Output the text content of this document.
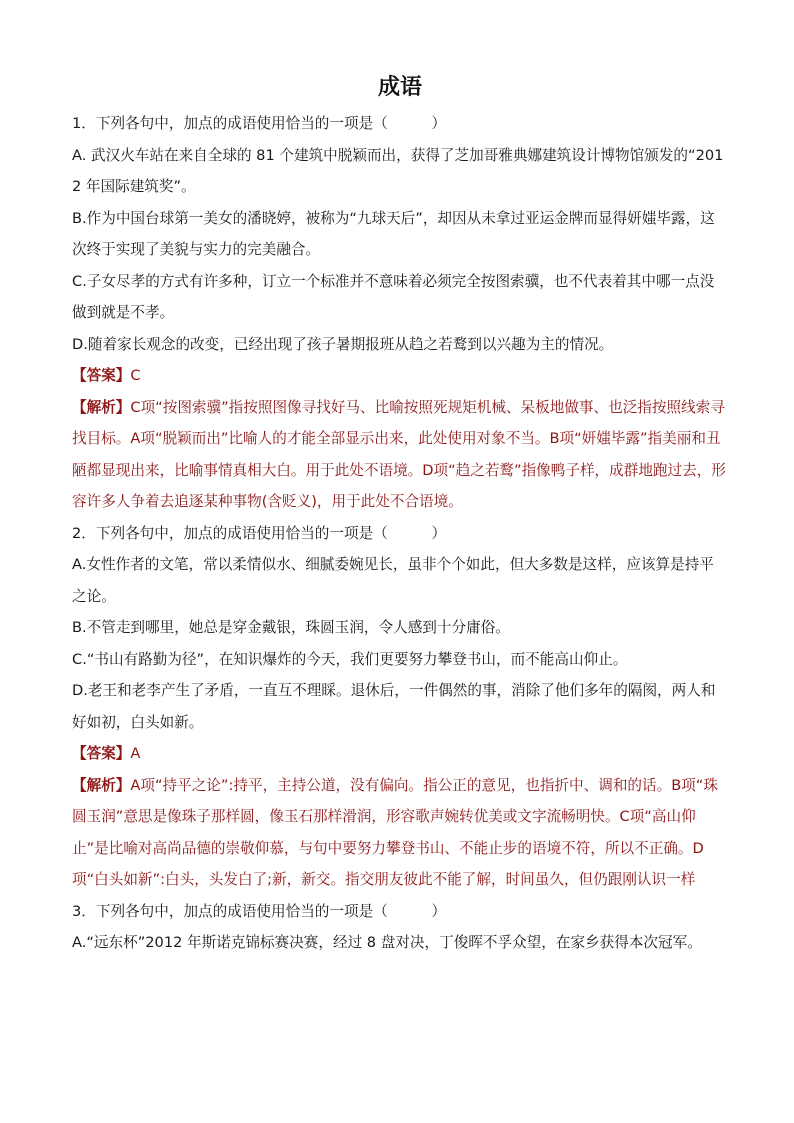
成语

1．下列各句中，加点的成语使用恰当的一项是（　　　）

A. 武汉火车站在来自全球的 81 个建筑中脱颖而出，获得了芝加哥雅典娜建筑设计博物馆颁发的“2012 年国际建筑奖”。

B.作为中国台球第一美女的潘晓婷，被称为“九球天后”，却因从未拿过亚运金牌而显得妍媸毕露，这次终于实现了美貌与实力的完美融合。

C.子女尽孝的方式有许多种，订立一个标准并不意味着必须完全按图索骥，也不代表着其中哪一点没做到就是不孝。

D.随着家长观念的改变，已经出现了孩子暑期报班从趋之若鹜到以兴趣为主的情况。

【答案】C

【解析】C项“按图索骥”指按照图像寻找好马、比喻按照死规矩机械、呆板地做事、也泛指按照线索寻找目标。A项“脱颖而出”比喻人的才能全部显示出来，此处使用对象不当。B项“妍媸毕露”指美丽和丑陋都显现出来，比喻事情真相大白。用于此处不语境。D项“趋之若鹜”指像鸭子样，成群地跑过去，形容许多人争着去追逐某种事物(含贬义)，用于此处不合语境。

2．下列各句中，加点的成语使用恰当的一项是（　　　）

A.女性作者的文笔，常以柔情似水、细腻委婉见长，虽非个个如此，但大多数是这样，应该算是持平之论。

B.不管走到哪里，她总是穿金戴银，珠圆玉润，令人感到十分庸俗。

C.“书山有路勤为径”，在知识爆炸的今天，我们更要努力攀登书山，而不能高山仰止。

D.老王和老李产生了矛盾，一直互不理睬。退休后，一件偶然的事，消除了他们多年的隔阂，两人和好如初，白头如新。

【答案】A

【解析】A项“持平之论”:持平，主持公道，没有偏向。指公正的意见，也指折中、调和的话。B项“珠圆玉润”意思是像珠子那样圆，像玉石那样滑润，形容歌声婉转优美或文字流畅明快。C项“高山仰止”是比喻对高尚品德的崇敬仰慕，与句中要努力攀登书山、不能止步的语境不符，所以不正确。D项“白头如新”:白头，头发白了;新，新交。指交朋友彼此不能了解，时间虽久，但仍跟刚认识一样

3．下列各句中，加点的成语使用恰当的一项是（　　　）

A.“远东杯”2012 年斯诺克锦标赛决赛，经过 8 盘对决，丁俊晖不孚众望，在家乡获得本次冠军。
